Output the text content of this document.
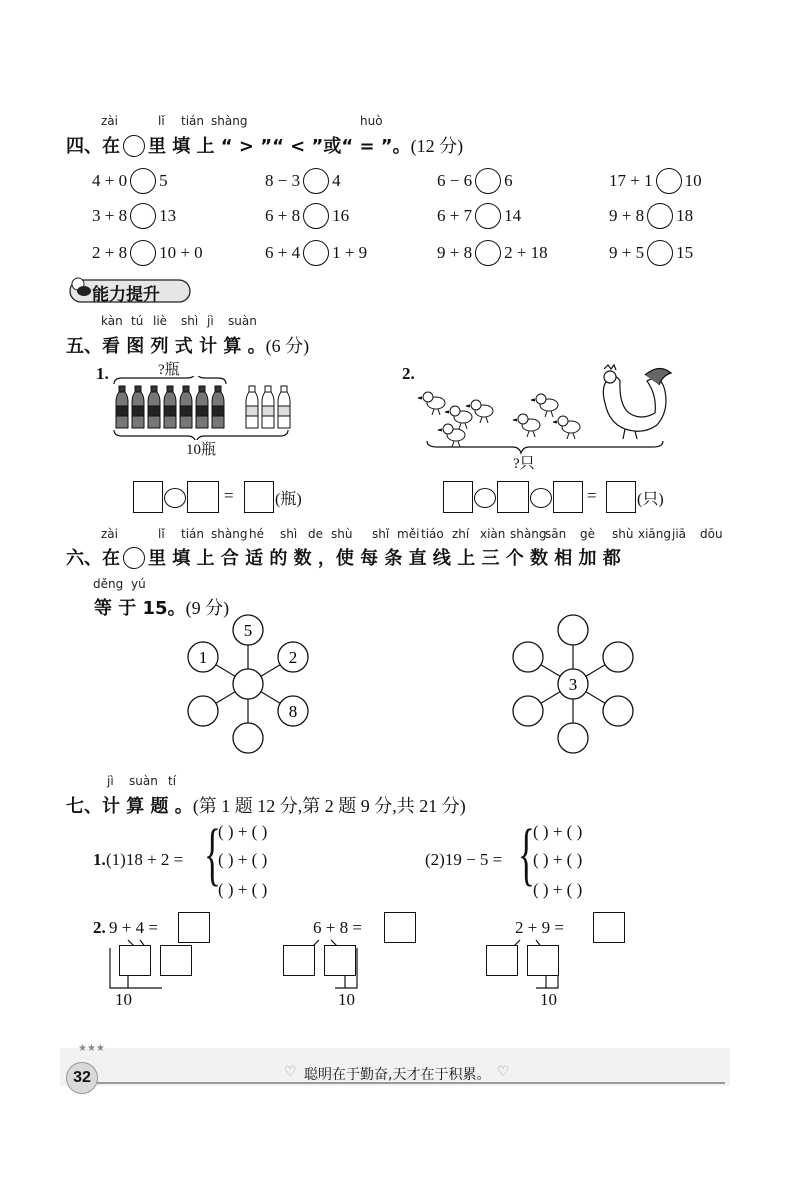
zài	lǐ tián shàng	huò
四、在 里 填 上 “ > ”“ < ”或“ = ”。(12 分)
4 + 0 5	8 − 3 4	6 − 6 6	17 + 1 10
3 + 8 13	6 + 8 16	6 + 7 14	9 + 8 18
2 + 8 10 + 0	6 + 4 1 + 9	9 + 8 2 + 18	9 + 5 15
能力提升
kàn tú liè shì jì suàn
五、看 图 列 式 计 算 。(6 分)
1.	?瓶
10瓶
2.
?只
=	(瓶)	=	(只)
zài	lǐ tián shàng hé shì de shù shǐ měi tiáo zhí xiàn shàng
sān gè shù xiāng jiā dōu
六、在 里 填 上 合 适 的 数 ，使 每 条 直 线 上 三 个 数 相 加 都
děng yú
等 于 15。(9 分)
5
1	2
8
3
jì suàn tí
七、计 算 题 。(第 1 题 12 分,第 2 题 9 分,共 21 分)
1. (1)18 + 2 = {
( ) + ( )
( ) + ( )
( ) + ( )
(2)19 − 5 = {
( ) + ( )
( ) + ( )
( ) + ( )
2. 9 + 4 =
10
6 + 8 =
10
2 + 9 =
10
★★★
32	♡ 聪明在于勤奋,天才在于积累。 ♡
